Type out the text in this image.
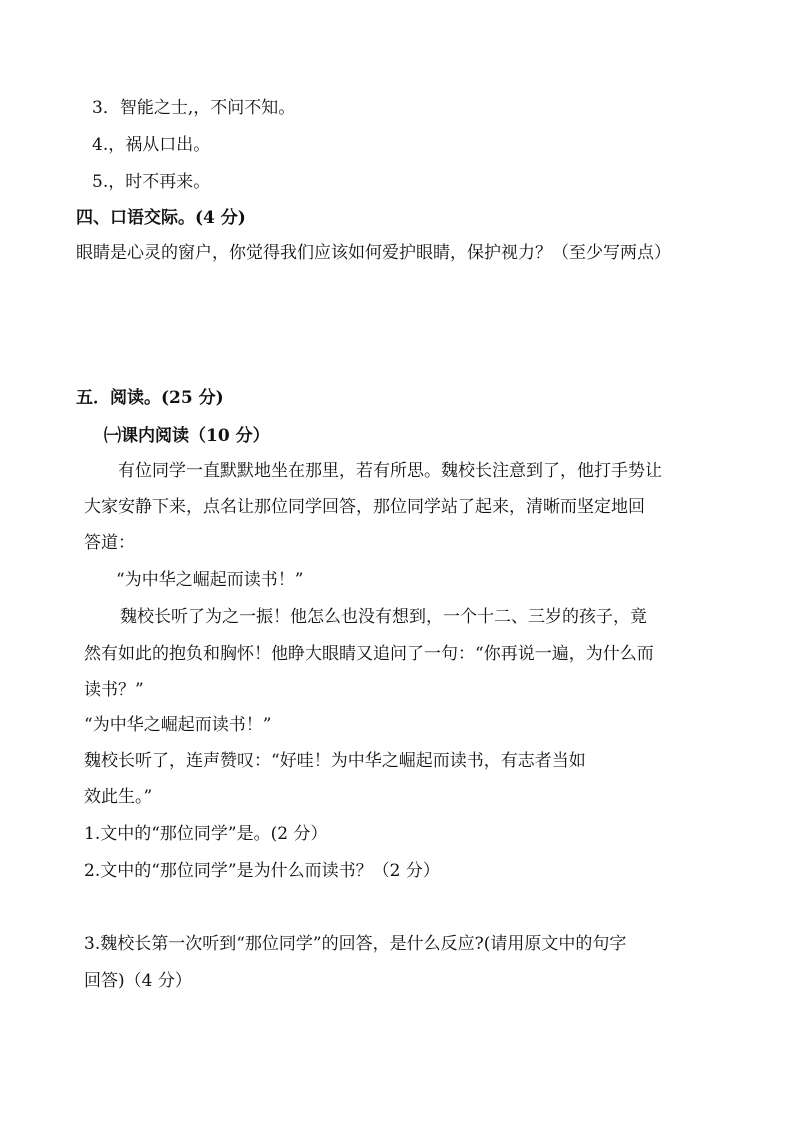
3．智能之士,，不问不知。
4.，祸从口出。
5.，时不再来。
四、口语交际。(4 分)
眼睛是心灵的窗户，你觉得我们应该如何爱护眼睛，保护视力？（至少写两点）
五．阅读。(25 分)
㈠课内阅读（10 分）
有位同学一直默默地坐在那里，若有所思。魏校长注意到了，他打手势让
大家安静下来，点名让那位同学回答，那位同学站了起来，清晰而坚定地回
答道：
“为中华之崛起而读书！”
魏校长听了为之一振！他怎么也没有想到，一个十二、三岁的孩子，竟
然有如此的抱负和胸怀！他睁大眼睛又追问了一句：“你再说一遍，为什么而
读书？”
“为中华之崛起而读书！”
魏校长听了，连声赞叹：“好哇！为中华之崛起而读书，有志者当如
效此生。”
1.文中的“那位同学”是。(2 分）
2.文中的“那位同学”是为什么而读书？（2 分）
3.魏校长第一次听到“那位同学”的回答，是什么反应?(请用原文中的句字
回答)（4 分）
